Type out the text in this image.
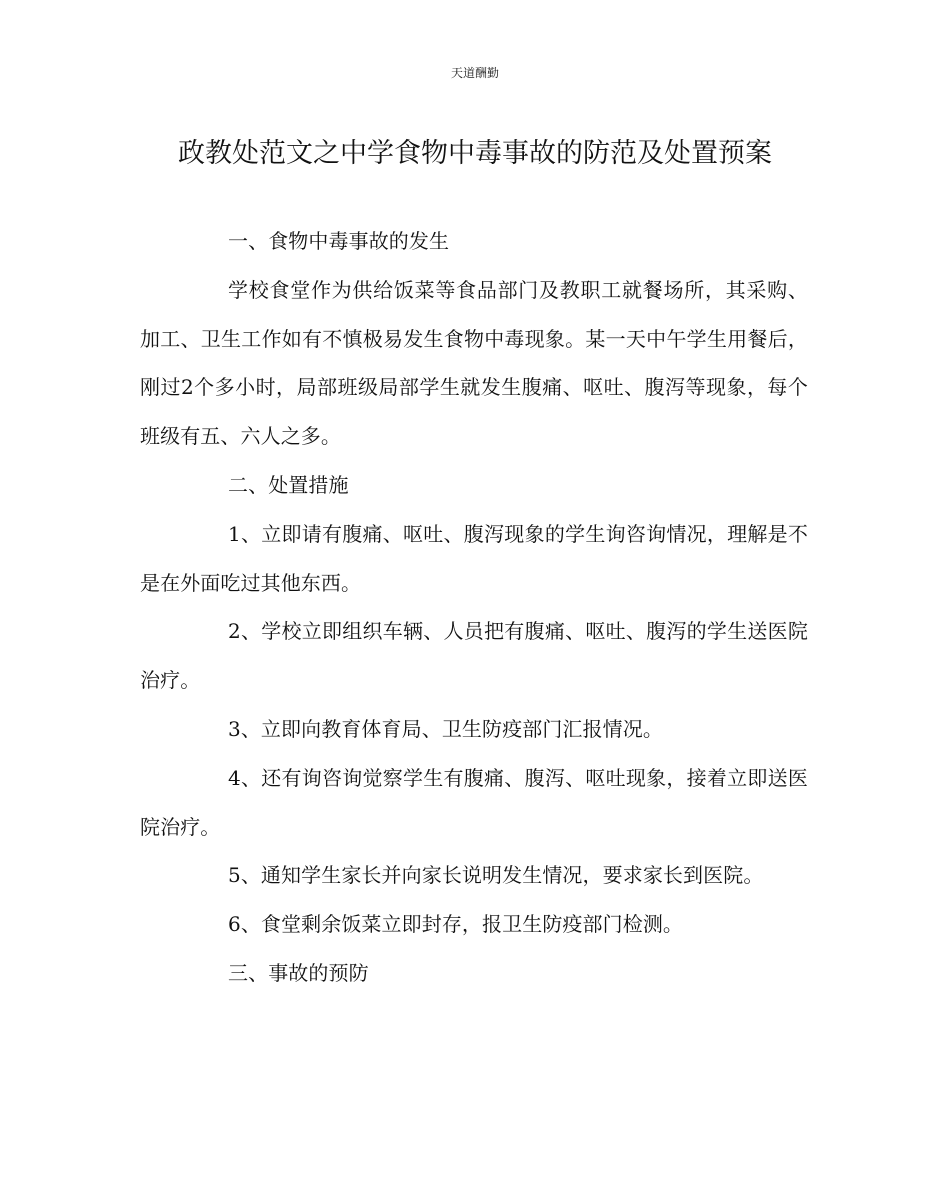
天道酬勤
政教处范文之中学食物中毒事故的防范及处置预案

一、食物中毒事故的发生

学校食堂作为供给饭菜等食品部门及教职工就餐场所，其采购、加工、卫生工作如有不慎极易发生食物中毒现象。某一天中午学生用餐后，刚过2个多小时，局部班级局部学生就发生腹痛、呕吐、腹泻等现象，每个班级有五、六人之多。

二、处置措施

1、立即请有腹痛、呕吐、腹泻现象的学生询咨询情况，理解是不是在外面吃过其他东西。

2、学校立即组织车辆、人员把有腹痛、呕吐、腹泻的学生送医院治疗。

3、立即向教育体育局、卫生防疫部门汇报情况。

4、还有询咨询觉察学生有腹痛、腹泻、呕吐现象，接着立即送医院治疗。

5、通知学生家长并向家长说明发生情况，要求家长到医院。

6、食堂剩余饭菜立即封存，报卫生防疫部门检测。

三、事故的预防
